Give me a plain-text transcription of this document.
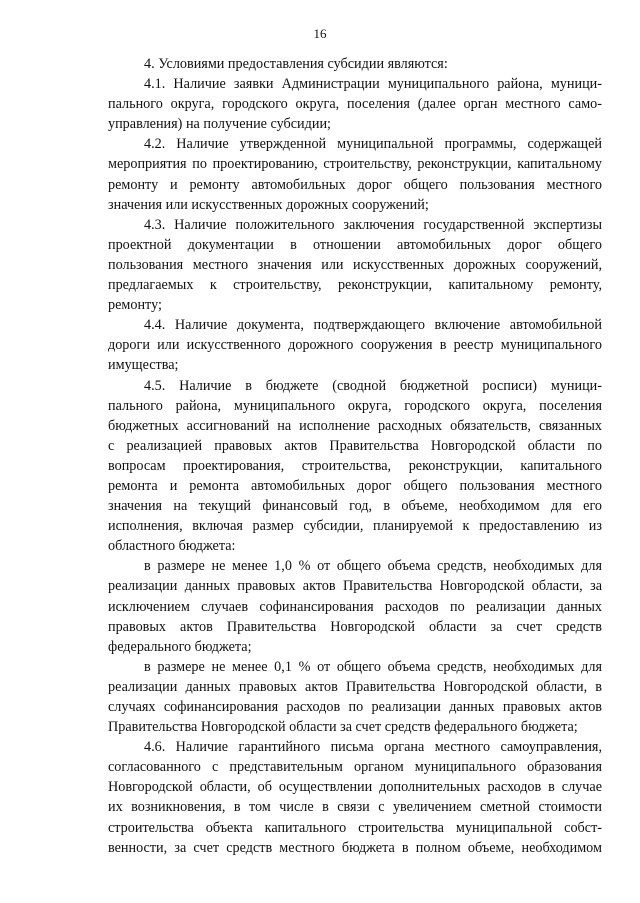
16
4. Условиями предоставления субсидии являются:
4.1. Наличие заявки Администрации муниципального района, муници-
пального округа, городского округа, поселения (далее орган местного само-
управления) на получение субсидии;
4.2. Наличие утвержденной муниципальной программы, содержащей
мероприятия по проектированию, строительству, реконструкции, капитальному
ремонту и ремонту автомобильных дорог общего пользования местного
значения или искусственных дорожных сооружений;
4.3. Наличие положительного заключения государственной экспертизы
проектной документации в отношении автомобильных дорог общего
пользования местного значения или искусственных дорожных сооружений,
предлагаемых к строительству, реконструкции, капитальному ремонту,
ремонту;
4.4. Наличие документа, подтверждающего включение автомобильной
дороги или искусственного дорожного сооружения в реестр муниципального
имущества;
4.5. Наличие в бюджете (сводной бюджетной росписи) муници-
пального района, муниципального округа, городского округа, поселения
бюджетных ассигнований на исполнение расходных обязательств, связанных
с реализацией правовых актов Правительства Новгородской области по
вопросам проектирования, строительства, реконструкции, капитального
ремонта и ремонта автомобильных дорог общего пользования местного
значения на текущий финансовый год, в объеме, необходимом для его
исполнения, включая размер субсидии, планируемой к предоставлению из
областного бюджета:
в размере не менее 1,0 % от общего объема средств, необходимых для
реализации данных правовых актов Правительства Новгородской области, за
исключением случаев софинансирования расходов по реализации данных
правовых актов Правительства Новгородской области за счет средств
федерального бюджета;
в размере не менее 0,1 % от общего объема средств, необходимых для
реализации данных правовых актов Правительства Новгородской области, в
случаях софинансирования расходов по реализации данных правовых актов
Правительства Новгородской области за счет средств федерального бюджета;
4.6. Наличие гарантийного письма органа местного самоуправления,
согласованного с представительным органом муниципального образования
Новгородской области, об осуществлении дополнительных расходов в случае
их возникновения, в том числе в связи с увеличением сметной стоимости
строительства объекта капитального строительства муниципальной собст-
венности, за счет средств местного бюджета в полном объеме, необходимом
